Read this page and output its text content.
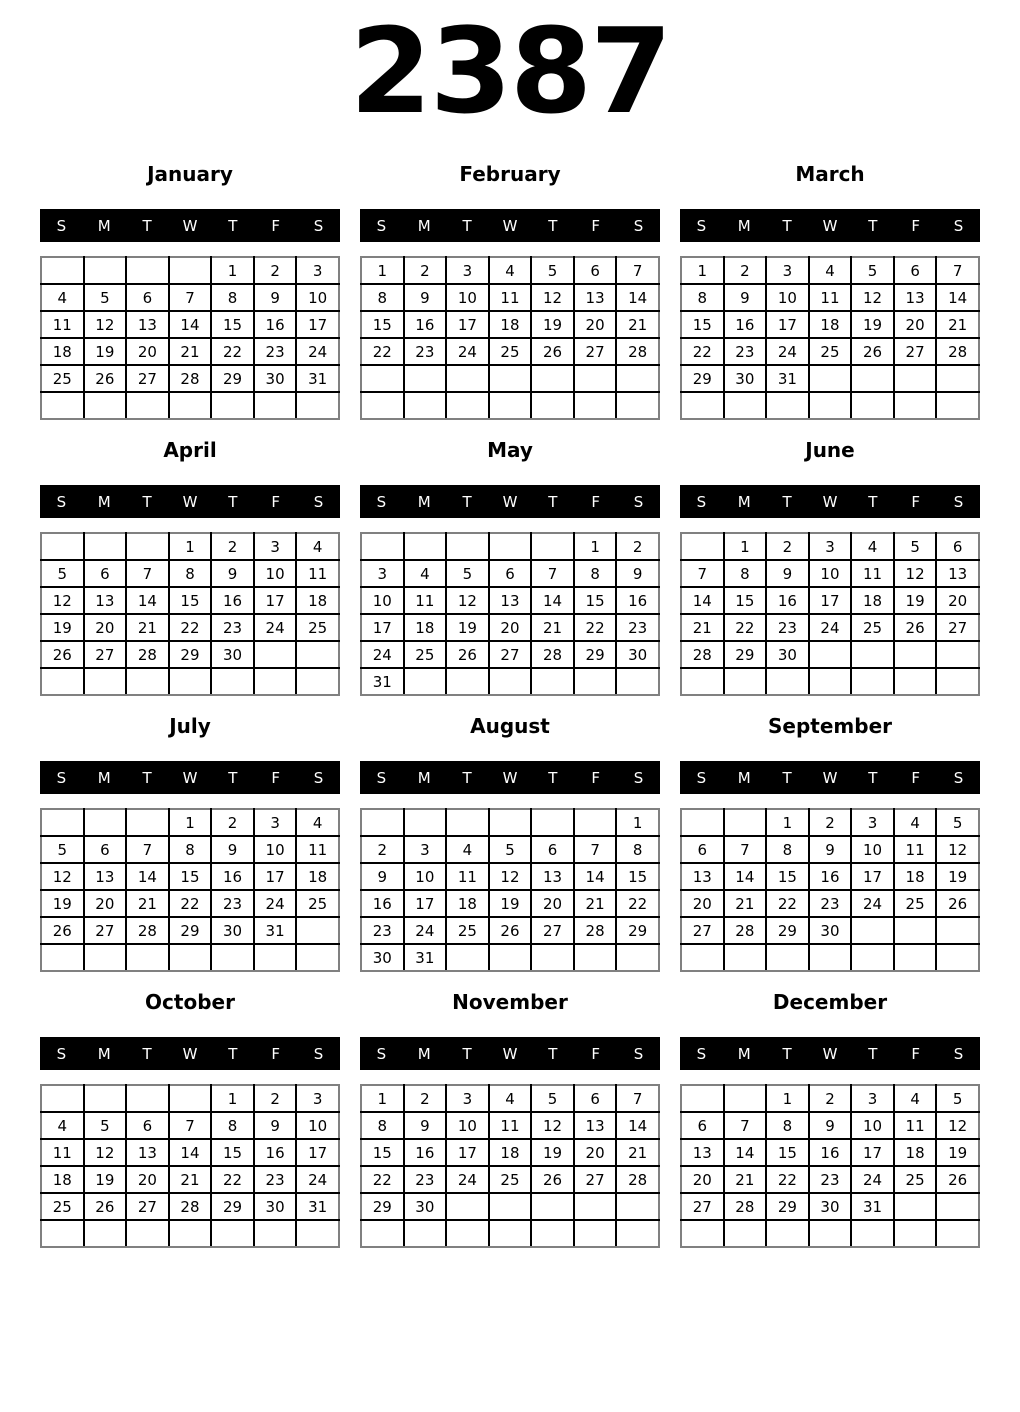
2387
January
S	M	T	W	T	F	S
				1	2	3
4	5	6	7	8	9	10
11	12	13	14	15	16	17
18	19	20	21	22	23	24
25	26	27	28	29	30	31

February
S	M	T	W	T	F	S
1	2	3	4	5	6	7
8	9	10	11	12	13	14
15	16	17	18	19	20	21
22	23	24	25	26	27	28

March
S	M	T	W	T	F	S
1	2	3	4	5	6	7
8	9	10	11	12	13	14
15	16	17	18	19	20	21
22	23	24	25	26	27	28
29	30	31				

April
S	M	T	W	T	F	S
			1	2	3	4
5	6	7	8	9	10	11
12	13	14	15	16	17	18
19	20	21	22	23	24	25
26	27	28	29	30		

May
S	M	T	W	T	F	S
					1	2
3	4	5	6	7	8	9
10	11	12	13	14	15	16
17	18	19	20	21	22	23
24	25	26	27	28	29	30
31						
June
S	M	T	W	T	F	S
	1	2	3	4	5	6
7	8	9	10	11	12	13
14	15	16	17	18	19	20
21	22	23	24	25	26	27
28	29	30				

July
S	M	T	W	T	F	S
			1	2	3	4
5	6	7	8	9	10	11
12	13	14	15	16	17	18
19	20	21	22	23	24	25
26	27	28	29	30	31	

August
S	M	T	W	T	F	S
						1
2	3	4	5	6	7	8
9	10	11	12	13	14	15
16	17	18	19	20	21	22
23	24	25	26	27	28	29
30	31					
September
S	M	T	W	T	F	S
		1	2	3	4	5
6	7	8	9	10	11	12
13	14	15	16	17	18	19
20	21	22	23	24	25	26
27	28	29	30			

October
S	M	T	W	T	F	S
				1	2	3
4	5	6	7	8	9	10
11	12	13	14	15	16	17
18	19	20	21	22	23	24
25	26	27	28	29	30	31

November
S	M	T	W	T	F	S
1	2	3	4	5	6	7
8	9	10	11	12	13	14
15	16	17	18	19	20	21
22	23	24	25	26	27	28
29	30					

December
S	M	T	W	T	F	S
		1	2	3	4	5
6	7	8	9	10	11	12
13	14	15	16	17	18	19
20	21	22	23	24	25	26
27	28	29	30	31		
